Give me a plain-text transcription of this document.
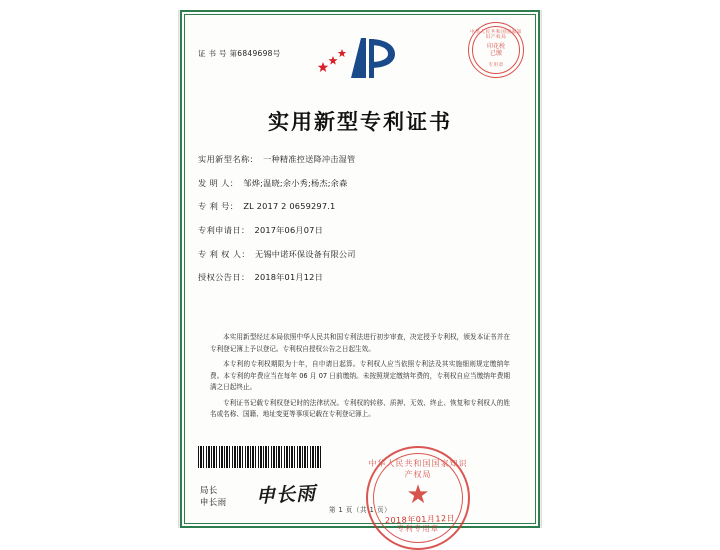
证 书 号 第6849698号
中华人民共和国国家知识产权局
印花税
已缴
专用章
实用新型专利证书
实用新型名称： 一种精准控送降冲击湿管
发 明 人： 邹烨;温晓;余小秀;杨杰;余森
专 利 号： ZL 2017 2 0659297.1
专利申请日： 2017年06月07日
专 利 权 人： 无锡中诺环保设备有限公司
授权公告日： 2018年01月12日

本实用新型经过本局依照中华人民共和国专利法进行初步审查，决定授予专利权，颁发本证书并在专利登记簿上予以登记。专利权自授权公告之日起生效。

本专利的专利权期限为十年，自申请日起算。专利权人应当依照专利法及其实施细则规定缴纳年费。本专利的年费应当在每年 06 月 07 日前缴纳。未按照规定缴纳年费的，专利权自应当缴纳年费期满之日起终止。

专利证书记载专利权登记时的法律状况。专利权的转移、质押、无效、终止、恢复和专利权人的姓名或名称、国籍、地址变更等事项记载在专利登记簿上。

局长
申长雨 申长雨
中华人民共和国国家知识产权局
★
专利专用章
2018年01月12日
第 1 页（共 1 页）
